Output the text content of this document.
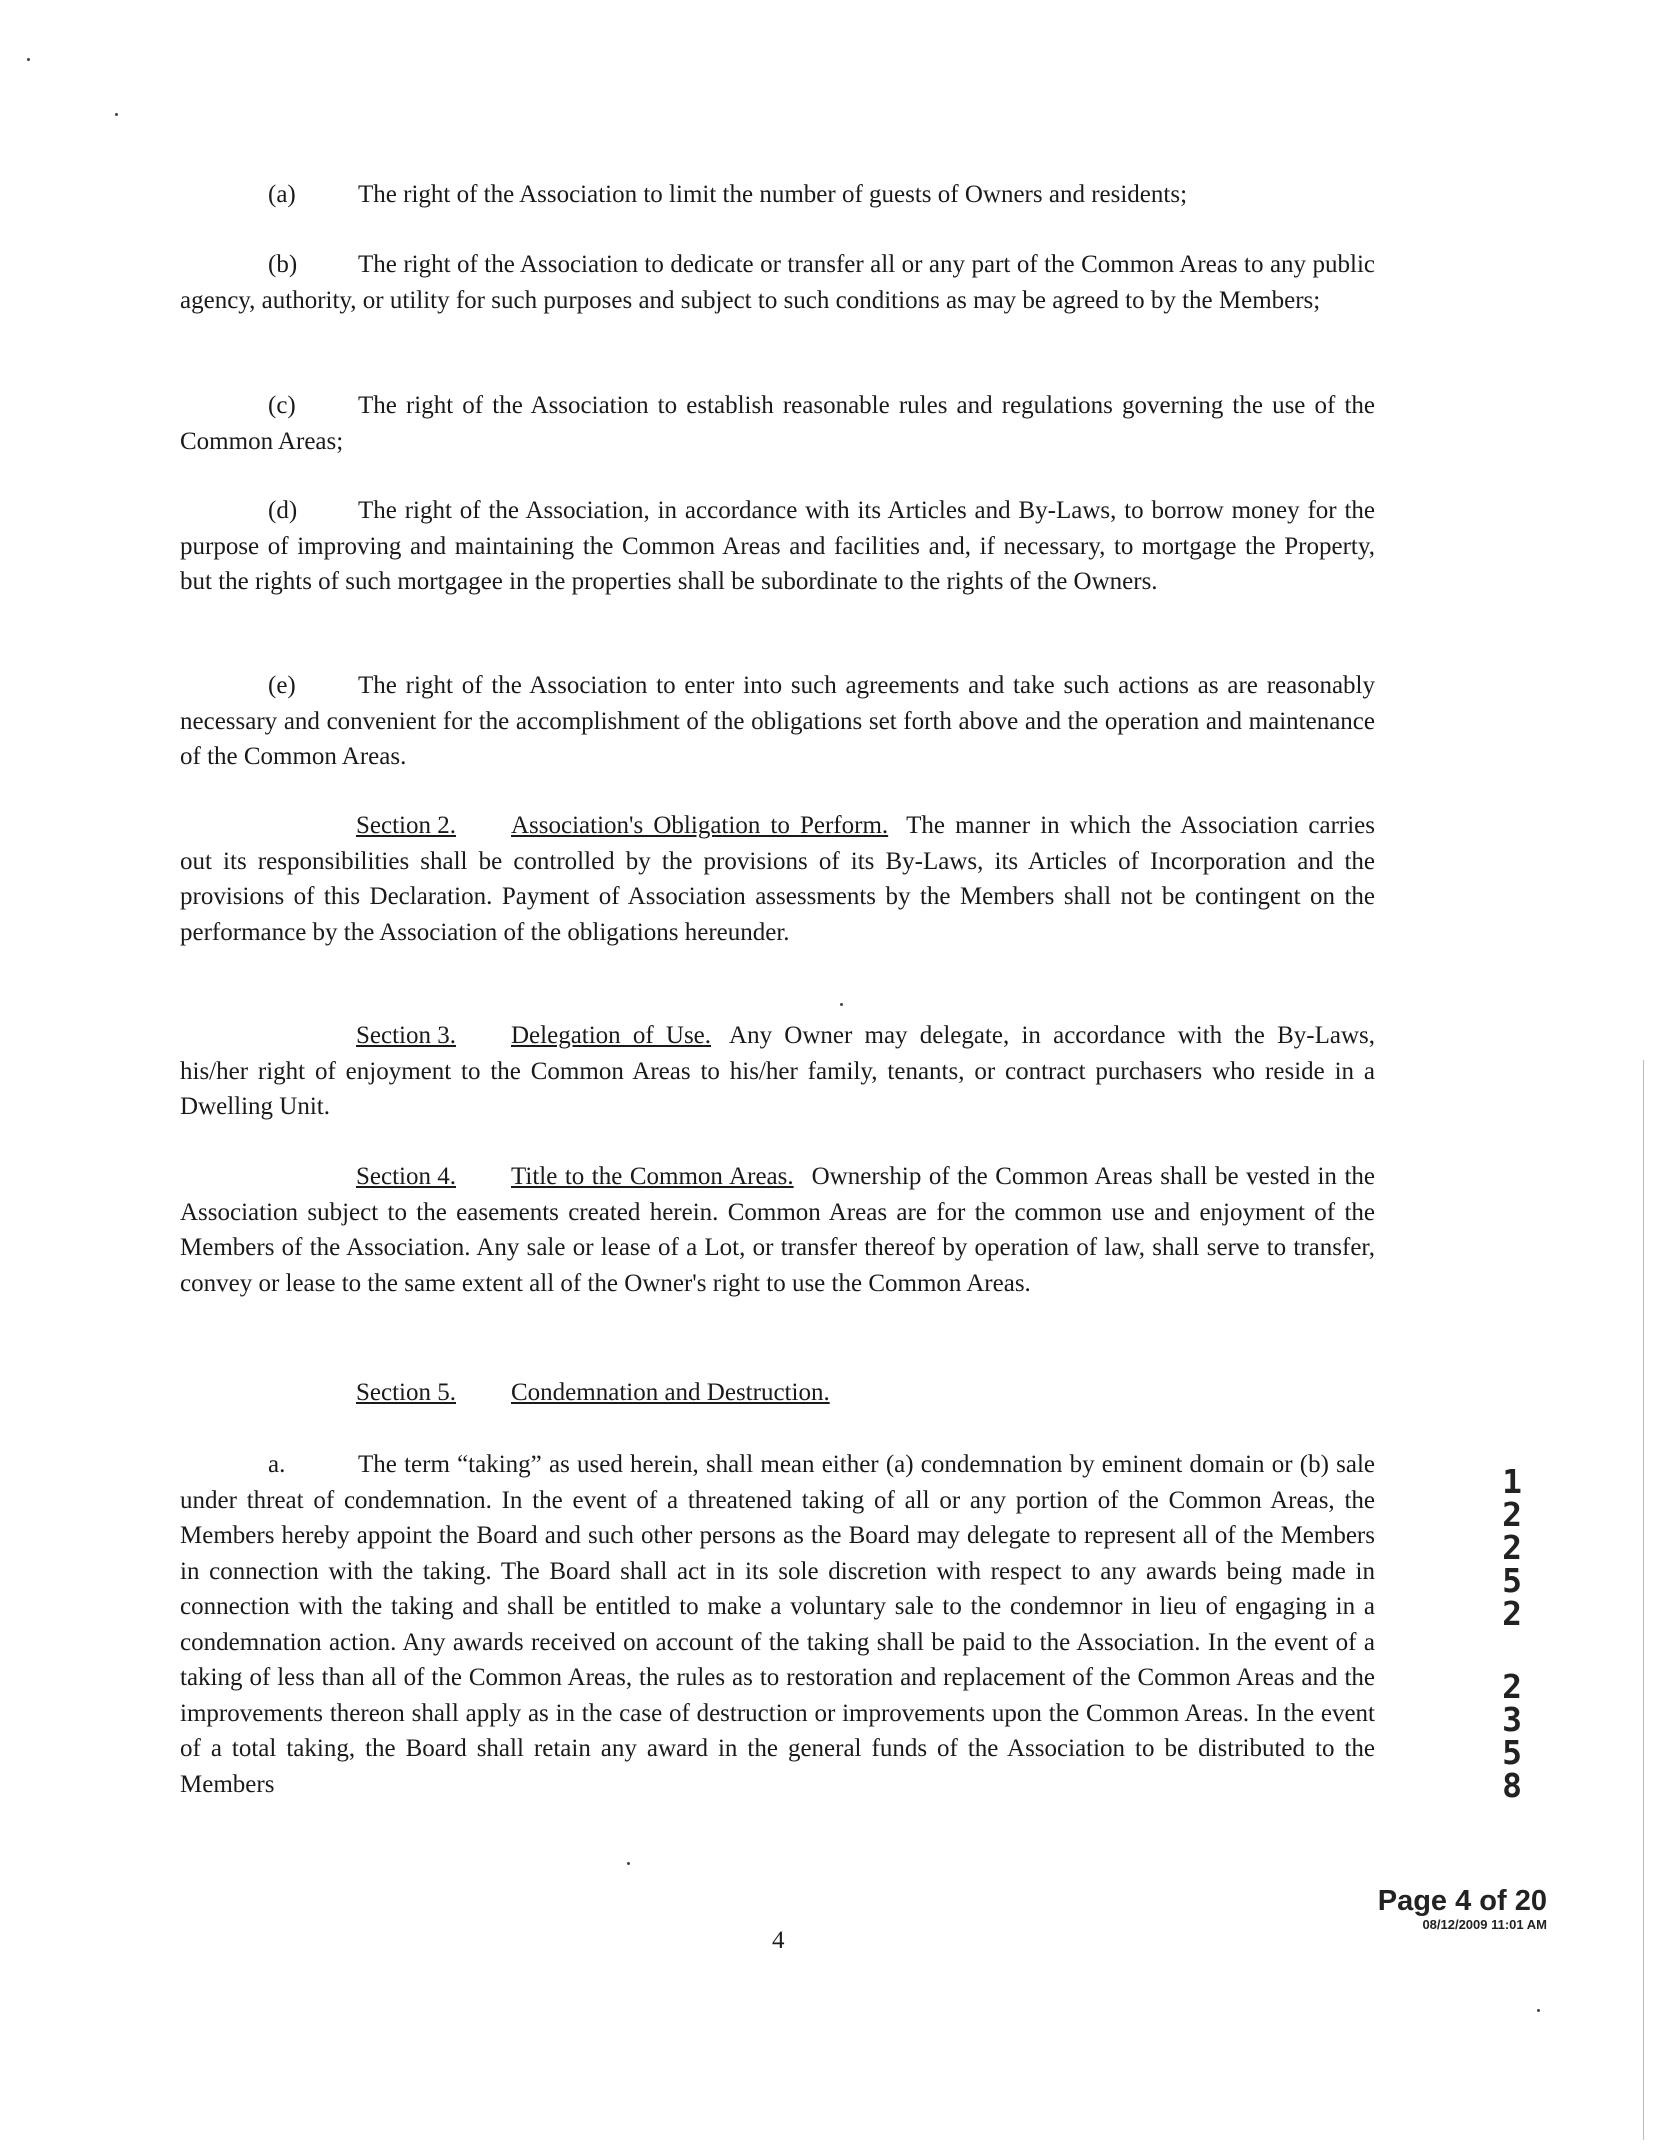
(a) The right of the Association to limit the number of guests of Owners and residents;

(b) The right of the Association to dedicate or transfer all or any part of the Common Areas to any public agency, authority, or utility for such purposes and subject to such conditions as may be agreed to by the Members;

(c) The right of the Association to establish reasonable rules and regulations governing the use of the Common Areas;

(d) The right of the Association, in accordance with its Articles and By-Laws, to borrow money for the purpose of improving and maintaining the Common Areas and facilities and, if necessary, to mortgage the Property, but the rights of such mortgagee in the properties shall be subordinate to the rights of the Owners.

(e) The right of the Association to enter into such agreements and take such actions as are reasonably necessary and convenient for the accomplishment of the obligations set forth above and the operation and maintenance of the Common Areas.

Section 2. Association's Obligation to Perform. The manner in which the Association carries out its responsibilities shall be controlled by the provisions of its By-Laws, its Articles of Incorporation and the provisions of this Declaration. Payment of Association assessments by the Members shall not be contingent on the performance by the Association of the obligations hereunder.

Section 3. Delegation of Use. Any Owner may delegate, in accordance with the By-Laws, his/her right of enjoyment to the Common Areas to his/her family, tenants, or contract purchasers who reside in a Dwelling Unit.

Section 4. Title to the Common Areas. Ownership of the Common Areas shall be vested in the Association subject to the easements created herein. Common Areas are for the common use and enjoyment of the Members of the Association. Any sale or lease of a Lot, or transfer thereof by operation of law, shall serve to transfer, convey or lease to the same extent all of the Owner's right to use the Common Areas.

Section 5. Condemnation and Destruction.

a.	The term “taking” as used herein, shall mean either (a) condemnation by eminent domain or (b) sale under threat of condemnation. In the event of a threatened taking of all or any portion of the Common Areas, the Members hereby appoint the Board and such other persons as the Board may delegate to represent all of the Members in connection with the taking. The Board shall act in its sole discretion with respect to any awards being made in connection with the taking and shall be entitled to make a voluntary sale to the condemnor in lieu of engaging in a condemnation action. Any awards received on account of the taking shall be paid to the Association. In the event of a taking of less than all of the Common Areas, the rules as to restoration and replacement of the Common Areas and the improvements thereon shall apply as in the case of destruction or improvements upon the Common Areas. In the event of a total taking, the Board shall retain any award in the general funds of the Association to be distributed to the Members

1
2
2
5
2
2
3
5
8
Page 4 of 20
08/12/2009 11:01 AM
4
